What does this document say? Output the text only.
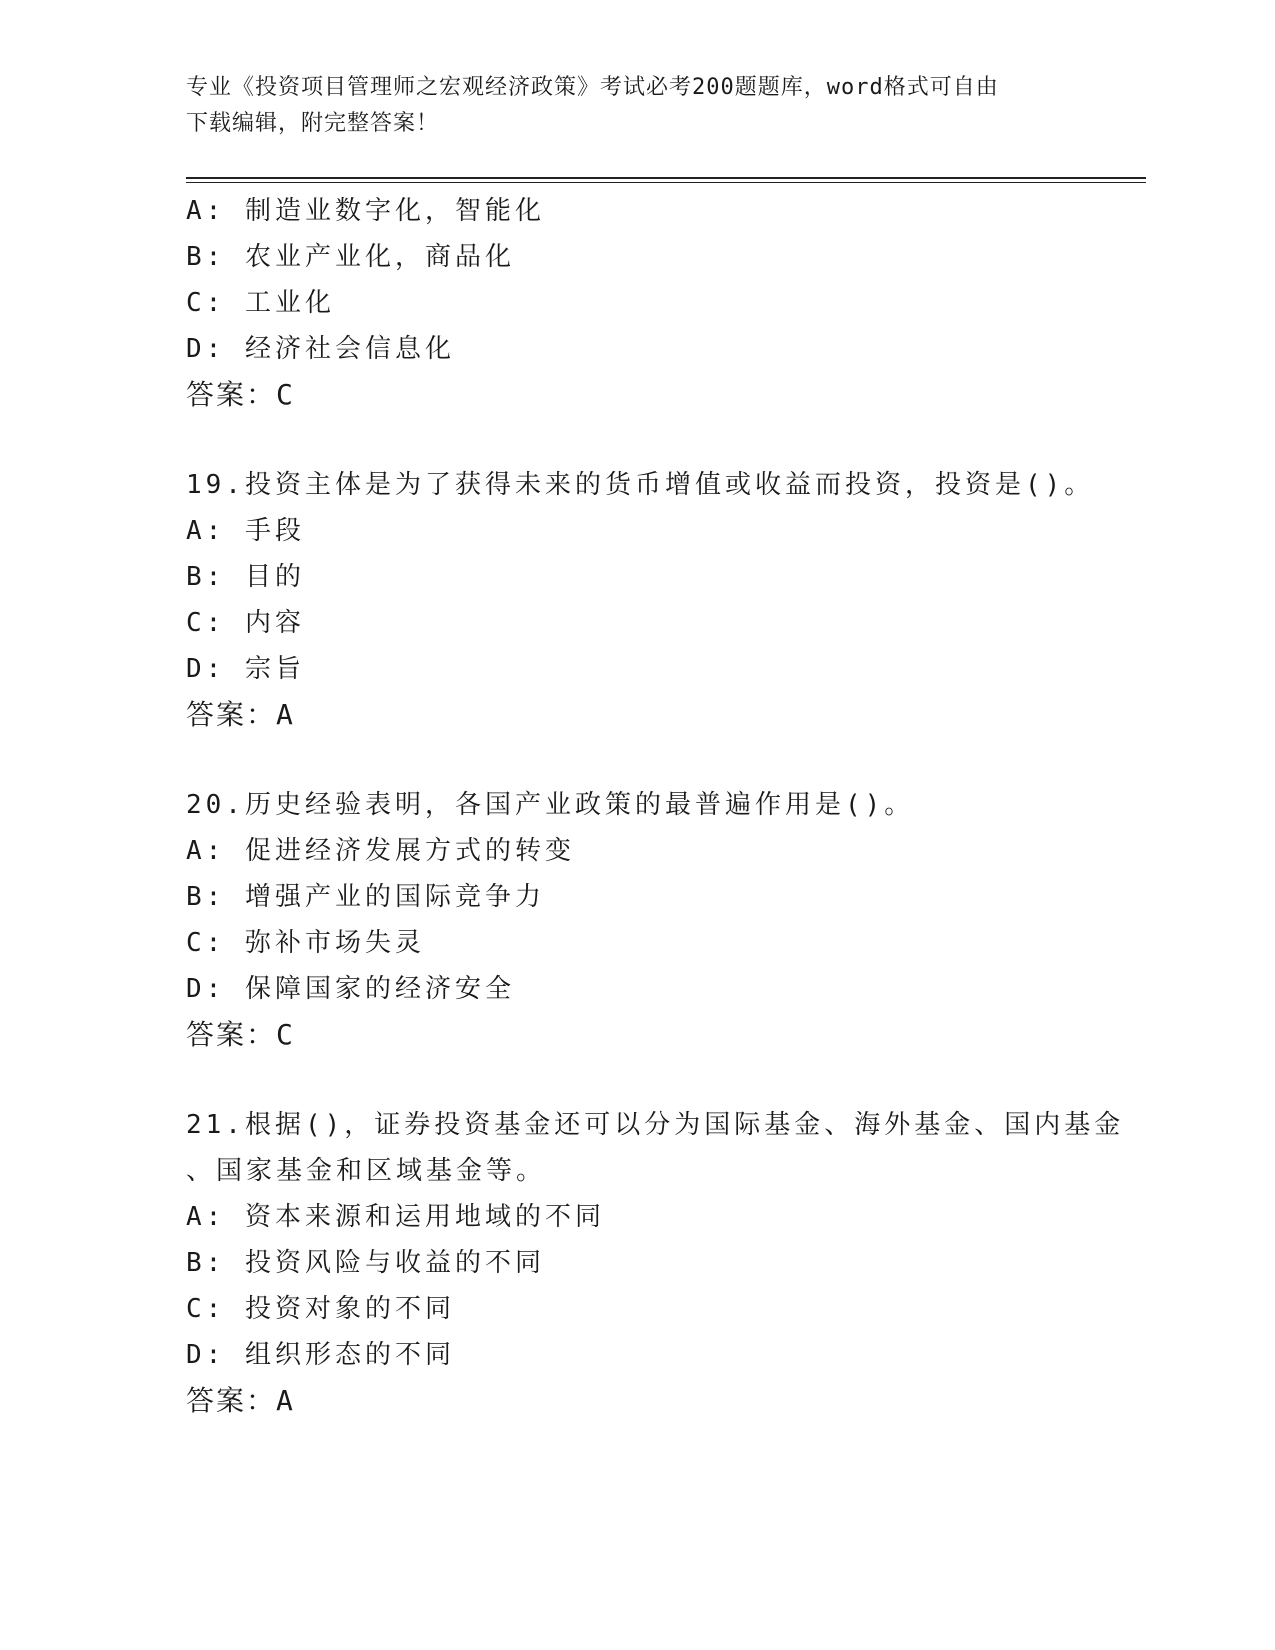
专业《投资项目管理师之宏观经济政策》考试必考200题题库，word格式可自由
下载编辑，附完整答案！
A: 制造业数字化，智能化
B: 农业产业化，商品化
C: 工业化
D: 经济社会信息化
答案：C
19.投资主体是为了获得未来的货币增值或收益而投资，投资是()。
A: 手段
B: 目的
C: 内容
D: 宗旨
答案：A
20.历史经验表明，各国产业政策的最普遍作用是()。
A: 促进经济发展方式的转变
B: 增强产业的国际竞争力
C: 弥补市场失灵
D: 保障国家的经济安全
答案：C
21.根据()，证券投资基金还可以分为国际基金、海外基金、国内基金
、国家基金和区域基金等。
A: 资本来源和运用地域的不同
B: 投资风险与收益的不同
C: 投资对象的不同
D: 组织形态的不同
答案：A
